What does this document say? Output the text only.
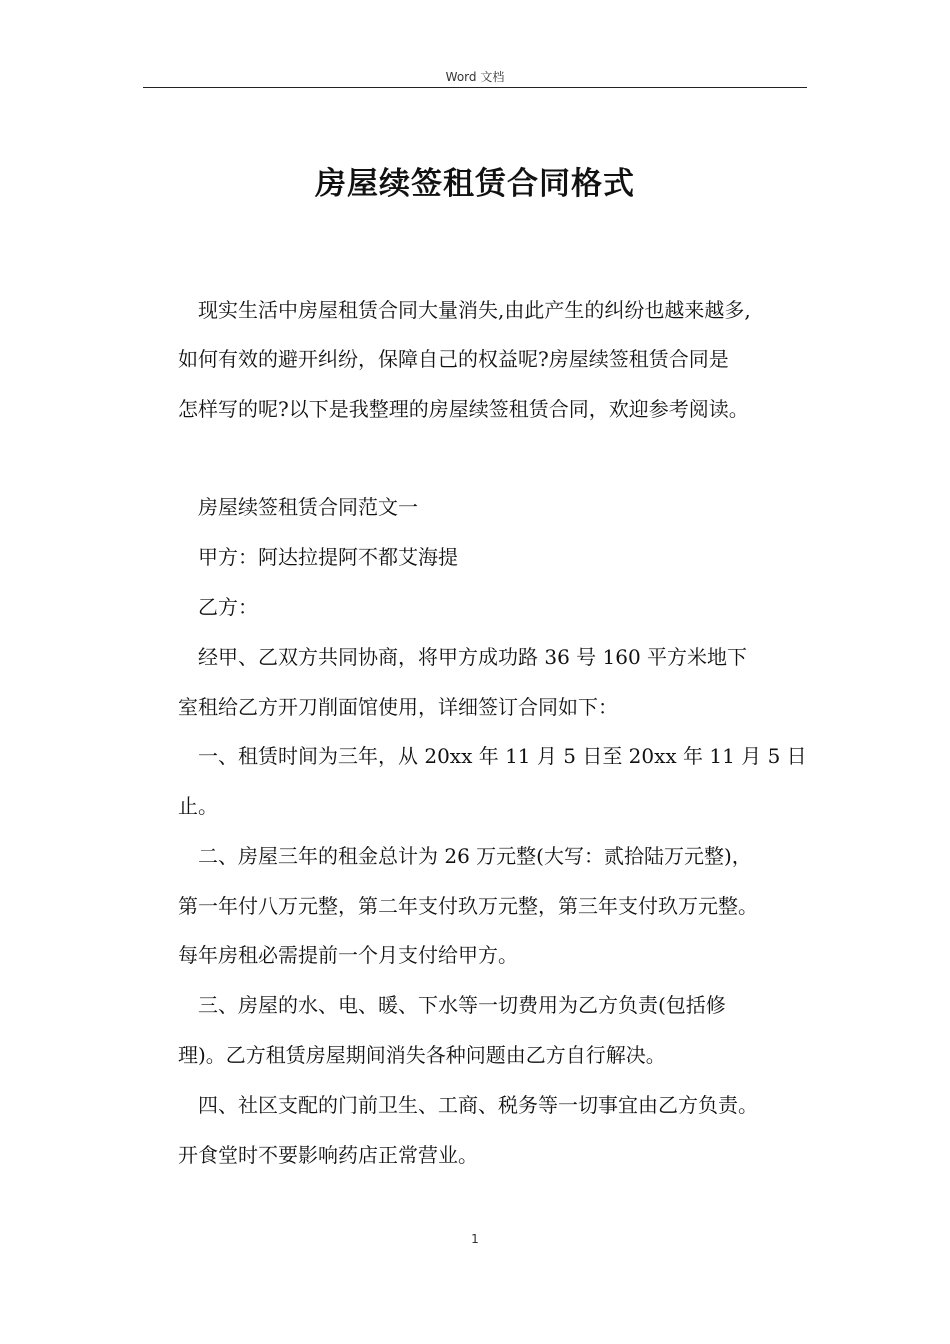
Word 文档
房屋续签租赁合同格式
现实生活中房屋租赁合同大量消失,由此产生的纠纷也越来越多,
如何有效的避开纠纷，保障自己的权益呢?房屋续签租赁合同是
怎样写的呢?以下是我整理的房屋续签租赁合同，欢迎参考阅读。
房屋续签租赁合同范文一
甲方：阿达拉提阿不都艾海提
乙方：
经甲、乙双方共同协商，将甲方成功路 36 号 160 平方米地下
室租给乙方开刀削面馆使用，详细签订合同如下：
一、租赁时间为三年，从 20xx 年 11 月 5 日至 20xx 年 11 月 5 日
止。
二、房屋三年的租金总计为 26 万元整(大写：贰拾陆万元整)，
第一年付八万元整，第二年支付玖万元整，第三年支付玖万元整。
每年房租必需提前一个月支付给甲方。
三、房屋的水、电、暖、下水等一切费用为乙方负责(包括修
理)。乙方租赁房屋期间消失各种问题由乙方自行解决。
四、社区支配的门前卫生、工商、税务等一切事宜由乙方负责。
开食堂时不要影响药店正常营业。
1
